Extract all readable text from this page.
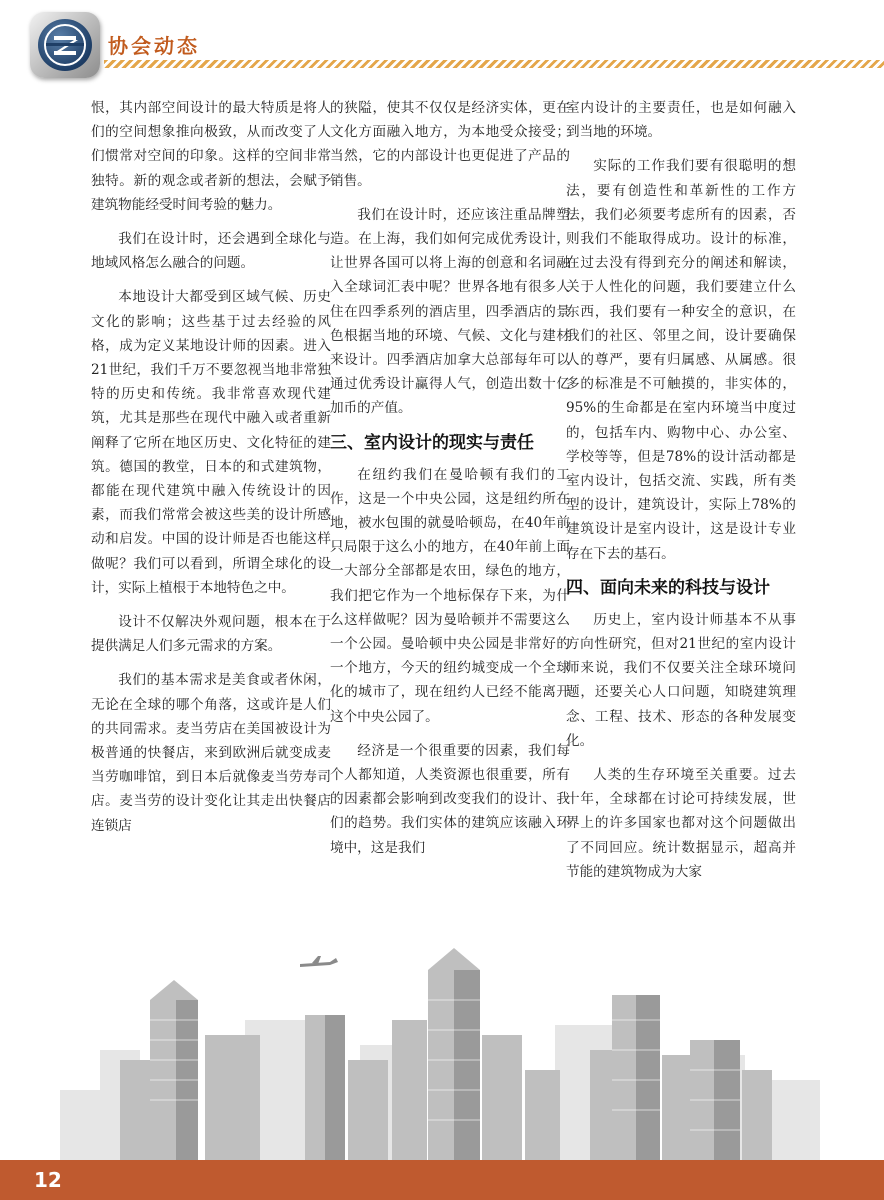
协会动态
恨，其内部空间设计的最大特质是将人们的空间想象推向极致，从而改变了人们惯常对空间的印象。这样的空间非常独特。新的观念或者新的想法，会赋予建筑物能经受时间考验的魅力。
我们在设计时，还会遇到全球化与地域风格怎么融合的问题。
本地设计大都受到区域气候、历史文化的影响；这些基于过去经验的风格，成为定义某地设计师的因素。进入21世纪，我们千万不要忽视当地非常独特的历史和传统。我非常喜欢现代建筑，尤其是那些在现代中融入或者重新阐释了它所在地区历史、文化特征的建筑。德国的教堂，日本的和式建筑物，都能在现代建筑中融入传统设计的因素，而我们常常会被这些美的设计所感动和启发。中国的设计师是否也能这样做呢？我们可以看到，所谓全球化的设计，实际上植根于本地特色之中。
设计不仅解决外观问题，根本在于提供满足人们多元需求的方案。
我们的基本需求是美食或者休闲，无论在全球的哪个角落，这或许是人们的共同需求。麦当劳店在美国被设计为极普通的快餐店，来到欧洲后就变成麦当劳咖啡馆，到日本后就像麦当劳寿司店。麦当劳的设计变化让其走出快餐店连锁店
的狭隘，使其不仅仅是经济实体，更在文化方面融入地方，为本地受众接受；当然，它的内部设计也更促进了产品的销售。
我们在设计时，还应该注重品牌塑造。在上海，我们如何完成优秀设计，让世界各国可以将上海的创意和名词融入全球词汇表中呢？世界各地有很多人住在四季系列的酒店里，四季酒店的景色根据当地的环境、气候、文化与建材来设计。四季酒店加拿大总部每年可以通过优秀设计赢得人气，创造出数十亿加币的产值。
三、室内设计的现实与责任
在纽约我们在曼哈顿有我们的工作，这是一个中央公园，这是纽约所在地，被水包围的就曼哈顿岛，在40年前只局限于这么小的地方，在40年前上面一大部分全部都是农田，绿色的地方，我们把它作为一个地标保存下来，为什么这样做呢？因为曼哈顿并不需要这么一个公园。曼哈顿中央公园是非常好的一个地方，今天的纽约城变成一个全球化的城市了，现在纽约人已经不能离开这个中央公园了。
经济是一个很重要的因素，我们每个人都知道，人类资源也很重要，所有的因素都会影响到改变我们的设计、我们的趋势。我们实体的建筑应该融入环境中，这是我们
室内设计的主要责任，也是如何融入到当地的环境。
实际的工作我们要有很聪明的想法，要有创造性和革新性的工作方法，我们必须要考虑所有的因素，否则我们不能取得成功。设计的标准，在过去没有得到充分的阐述和解读，关于人性化的问题，我们要建立什么东西，我们要有一种安全的意识，在我们的社区、邻里之间，设计要确保人的尊严，要有归属感、从属感。很多的标准是不可触摸的，非实体的，95%的生命都是在室内环境当中度过的，包括车内、购物中心、办公室、学校等等，但是78%的设计活动都是室内设计，包括交流、实践，所有类型的设计，建筑设计，实际上78%的建筑设计是室内设计，这是设计专业存在下去的基石。
四、面向未来的科技与设计
历史上，室内设计师基本不从事方向性研究，但对21世纪的室内设计师来说，我们不仅要关注全球环境问题，还要关心人口问题，知晓建筑理念、工程、技术、形态的各种发展变化。
人类的生存环境至关重要。过去十年，全球都在讨论可持续发展，世界上的许多国家也都对这个问题做出了不同回应。统计数据显示，超高并节能的建筑物成为大家
12
